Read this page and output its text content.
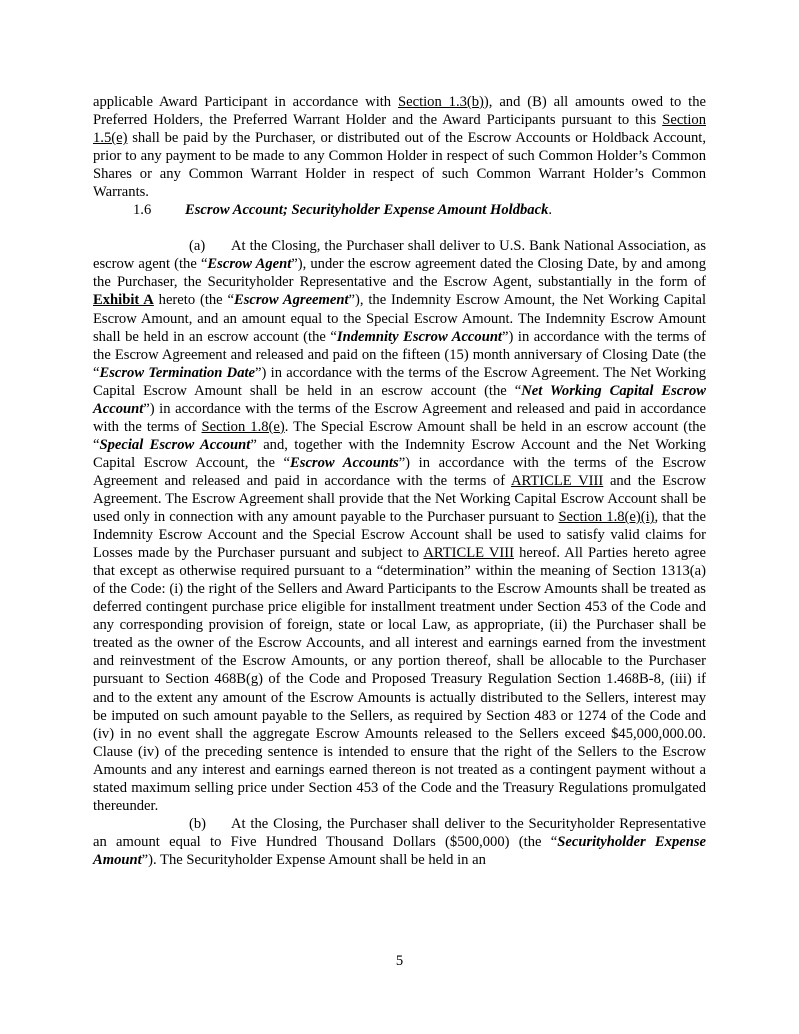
applicable Award Participant in accordance with Section 1.3(b)), and (B) all amounts owed to the Preferred Holders, the Preferred Warrant Holder and the Award Participants pursuant to this Section 1.5(e) shall be paid by the Purchaser, or distributed out of the Escrow Accounts or Holdback Account, prior to any payment to be made to any Common Holder in respect of such Common Holder’s Common Shares or any Common Warrant Holder in respect of such Common Warrant Holder’s Common Warrants.

1.6 Escrow Account; Securityholder Expense Amount Holdback.

(a) At the Closing, the Purchaser shall deliver to U.S. Bank National Association, as escrow agent (the “Escrow Agent”), under the escrow agreement dated the Closing Date, by and among the Purchaser, the Securityholder Representative and the Escrow Agent, substantially in the form of Exhibit A hereto (the “Escrow Agreement”), the Indemnity Escrow Amount, the Net Working Capital Escrow Amount, and an amount equal to the Special Escrow Amount. The Indemnity Escrow Amount shall be held in an escrow account (the “Indemnity Escrow Account”) in accordance with the terms of the Escrow Agreement and released and paid on the fifteen (15) month anniversary of Closing Date (the “Escrow Termination Date”) in accordance with the terms of the Escrow Agreement. The Net Working Capital Escrow Amount shall be held in an escrow account (the “Net Working Capital Escrow Account”) in accordance with the terms of the Escrow Agreement and released and paid in accordance with the terms of Section 1.8(e). The Special Escrow Amount shall be held in an escrow account (the “Special Escrow Account” and, together with the Indemnity Escrow Account and the Net Working Capital Escrow Account, the “Escrow Accounts”) in accordance with the terms of the Escrow Agreement and released and paid in accordance with the terms of ARTICLE VIII and the Escrow Agreement. The Escrow Agreement shall provide that the Net Working Capital Escrow Account shall be used only in connection with any amount payable to the Purchaser pursuant to Section 1.8(e)(i), that the Indemnity Escrow Account and the Special Escrow Account shall be used to satisfy valid claims for Losses made by the Purchaser pursuant and subject to ARTICLE VIII hereof. All Parties hereto agree that except as otherwise required pursuant to a “determination” within the meaning of Section 1313(a) of the Code: (i) the right of the Sellers and Award Participants to the Escrow Amounts shall be treated as deferred contingent purchase price eligible for installment treatment under Section 453 of the Code and any corresponding provision of foreign, state or local Law, as appropriate, (ii) the Purchaser shall be treated as the owner of the Escrow Accounts, and all interest and earnings earned from the investment and reinvestment of the Escrow Amounts, or any portion thereof, shall be allocable to the Purchaser pursuant to Section 468B(g) of the Code and Proposed Treasury Regulation Section 1.468B-8, (iii) if and to the extent any amount of the Escrow Amounts is actually distributed to the Sellers, interest may be imputed on such amount payable to the Sellers, as required by Section 483 or 1274 of the Code and (iv) in no event shall the aggregate Escrow Amounts released to the Sellers exceed $45,000,000.00. Clause (iv) of the preceding sentence is intended to ensure that the right of the Sellers to the Escrow Amounts and any interest and earnings earned thereon is not treated as a contingent payment without a stated maximum selling price under Section 453 of the Code and the Treasury Regulations promulgated thereunder.

(b) At the Closing, the Purchaser shall deliver to the Securityholder Representative an amount equal to Five Hundred Thousand Dollars ($500,000) (the “Securityholder Expense Amount”). The Securityholder Expense Amount shall be held in an

5
